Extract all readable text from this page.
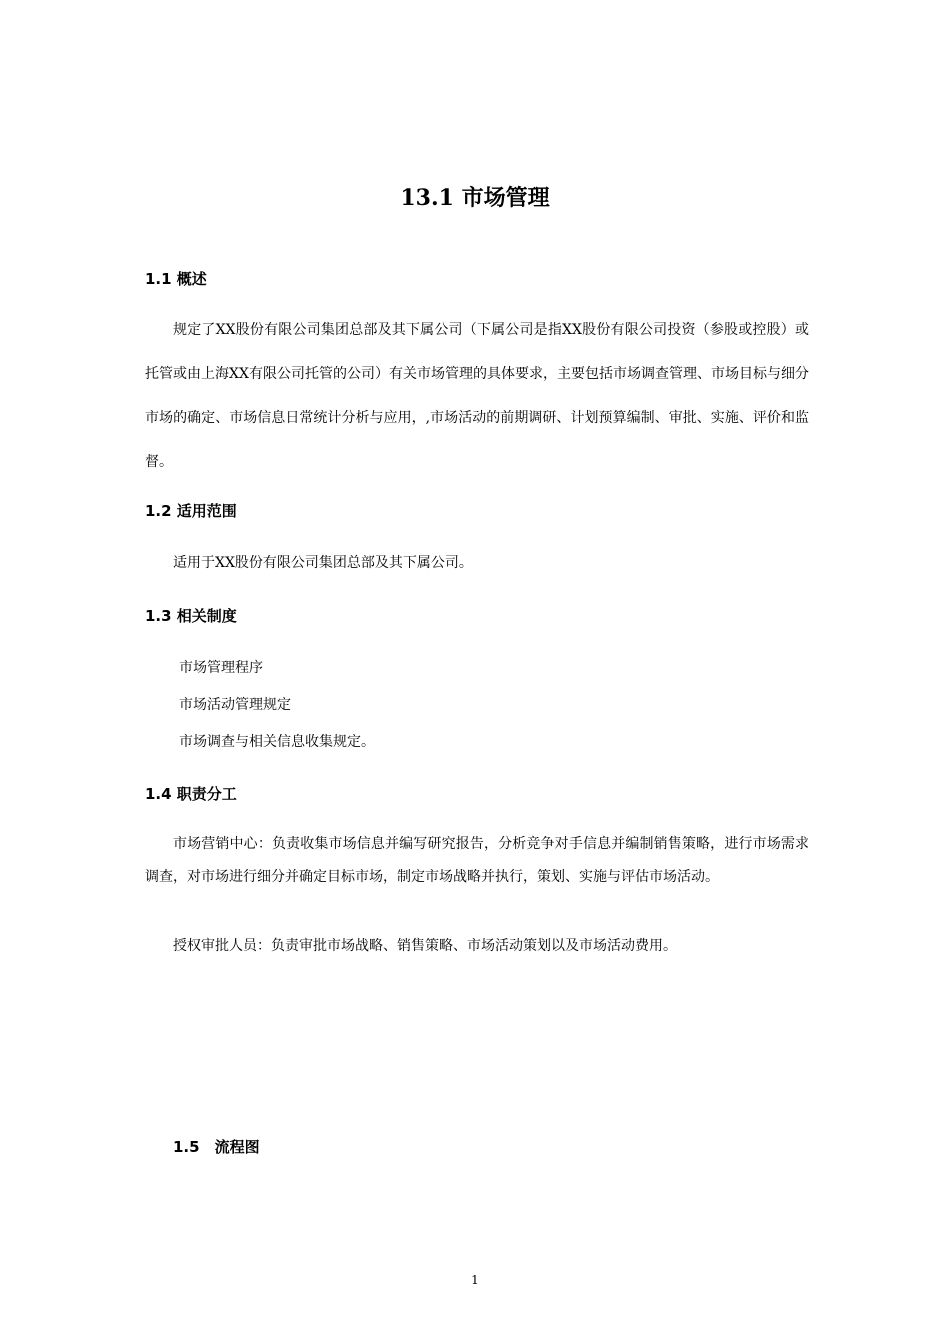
13.1 市场管理
1.1 概述

规定了XX股份有限公司集团总部及其下属公司（下属公司是指XX股份有限公司投资（参股或控股）或托管或由上海XX有限公司托管的公司）有关市场管理的具体要求，主要包括市场调查管理、市场目标与细分市场的确定、市场信息日常统计分析与应用，,市场活动的前期调研、计划预算编制、审批、实施、评价和监督。

1.2 适用范围

适用于XX股份有限公司集团总部及其下属公司。

1.3 相关制度

市场管理程序

市场活动管理规定

市场调查与相关信息收集规定。

1.4 职责分工

市场营销中心：负责收集市场信息并编写研究报告，分析竞争对手信息并编制销售策略，进行市场需求调查，对市场进行细分并确定目标市场，制定市场战略并执行，策划、实施与评估市场活动。

授权审批人员：负责审批市场战略、销售策略、市场活动策划以及市场活动费用。

1.5　流程图
1
